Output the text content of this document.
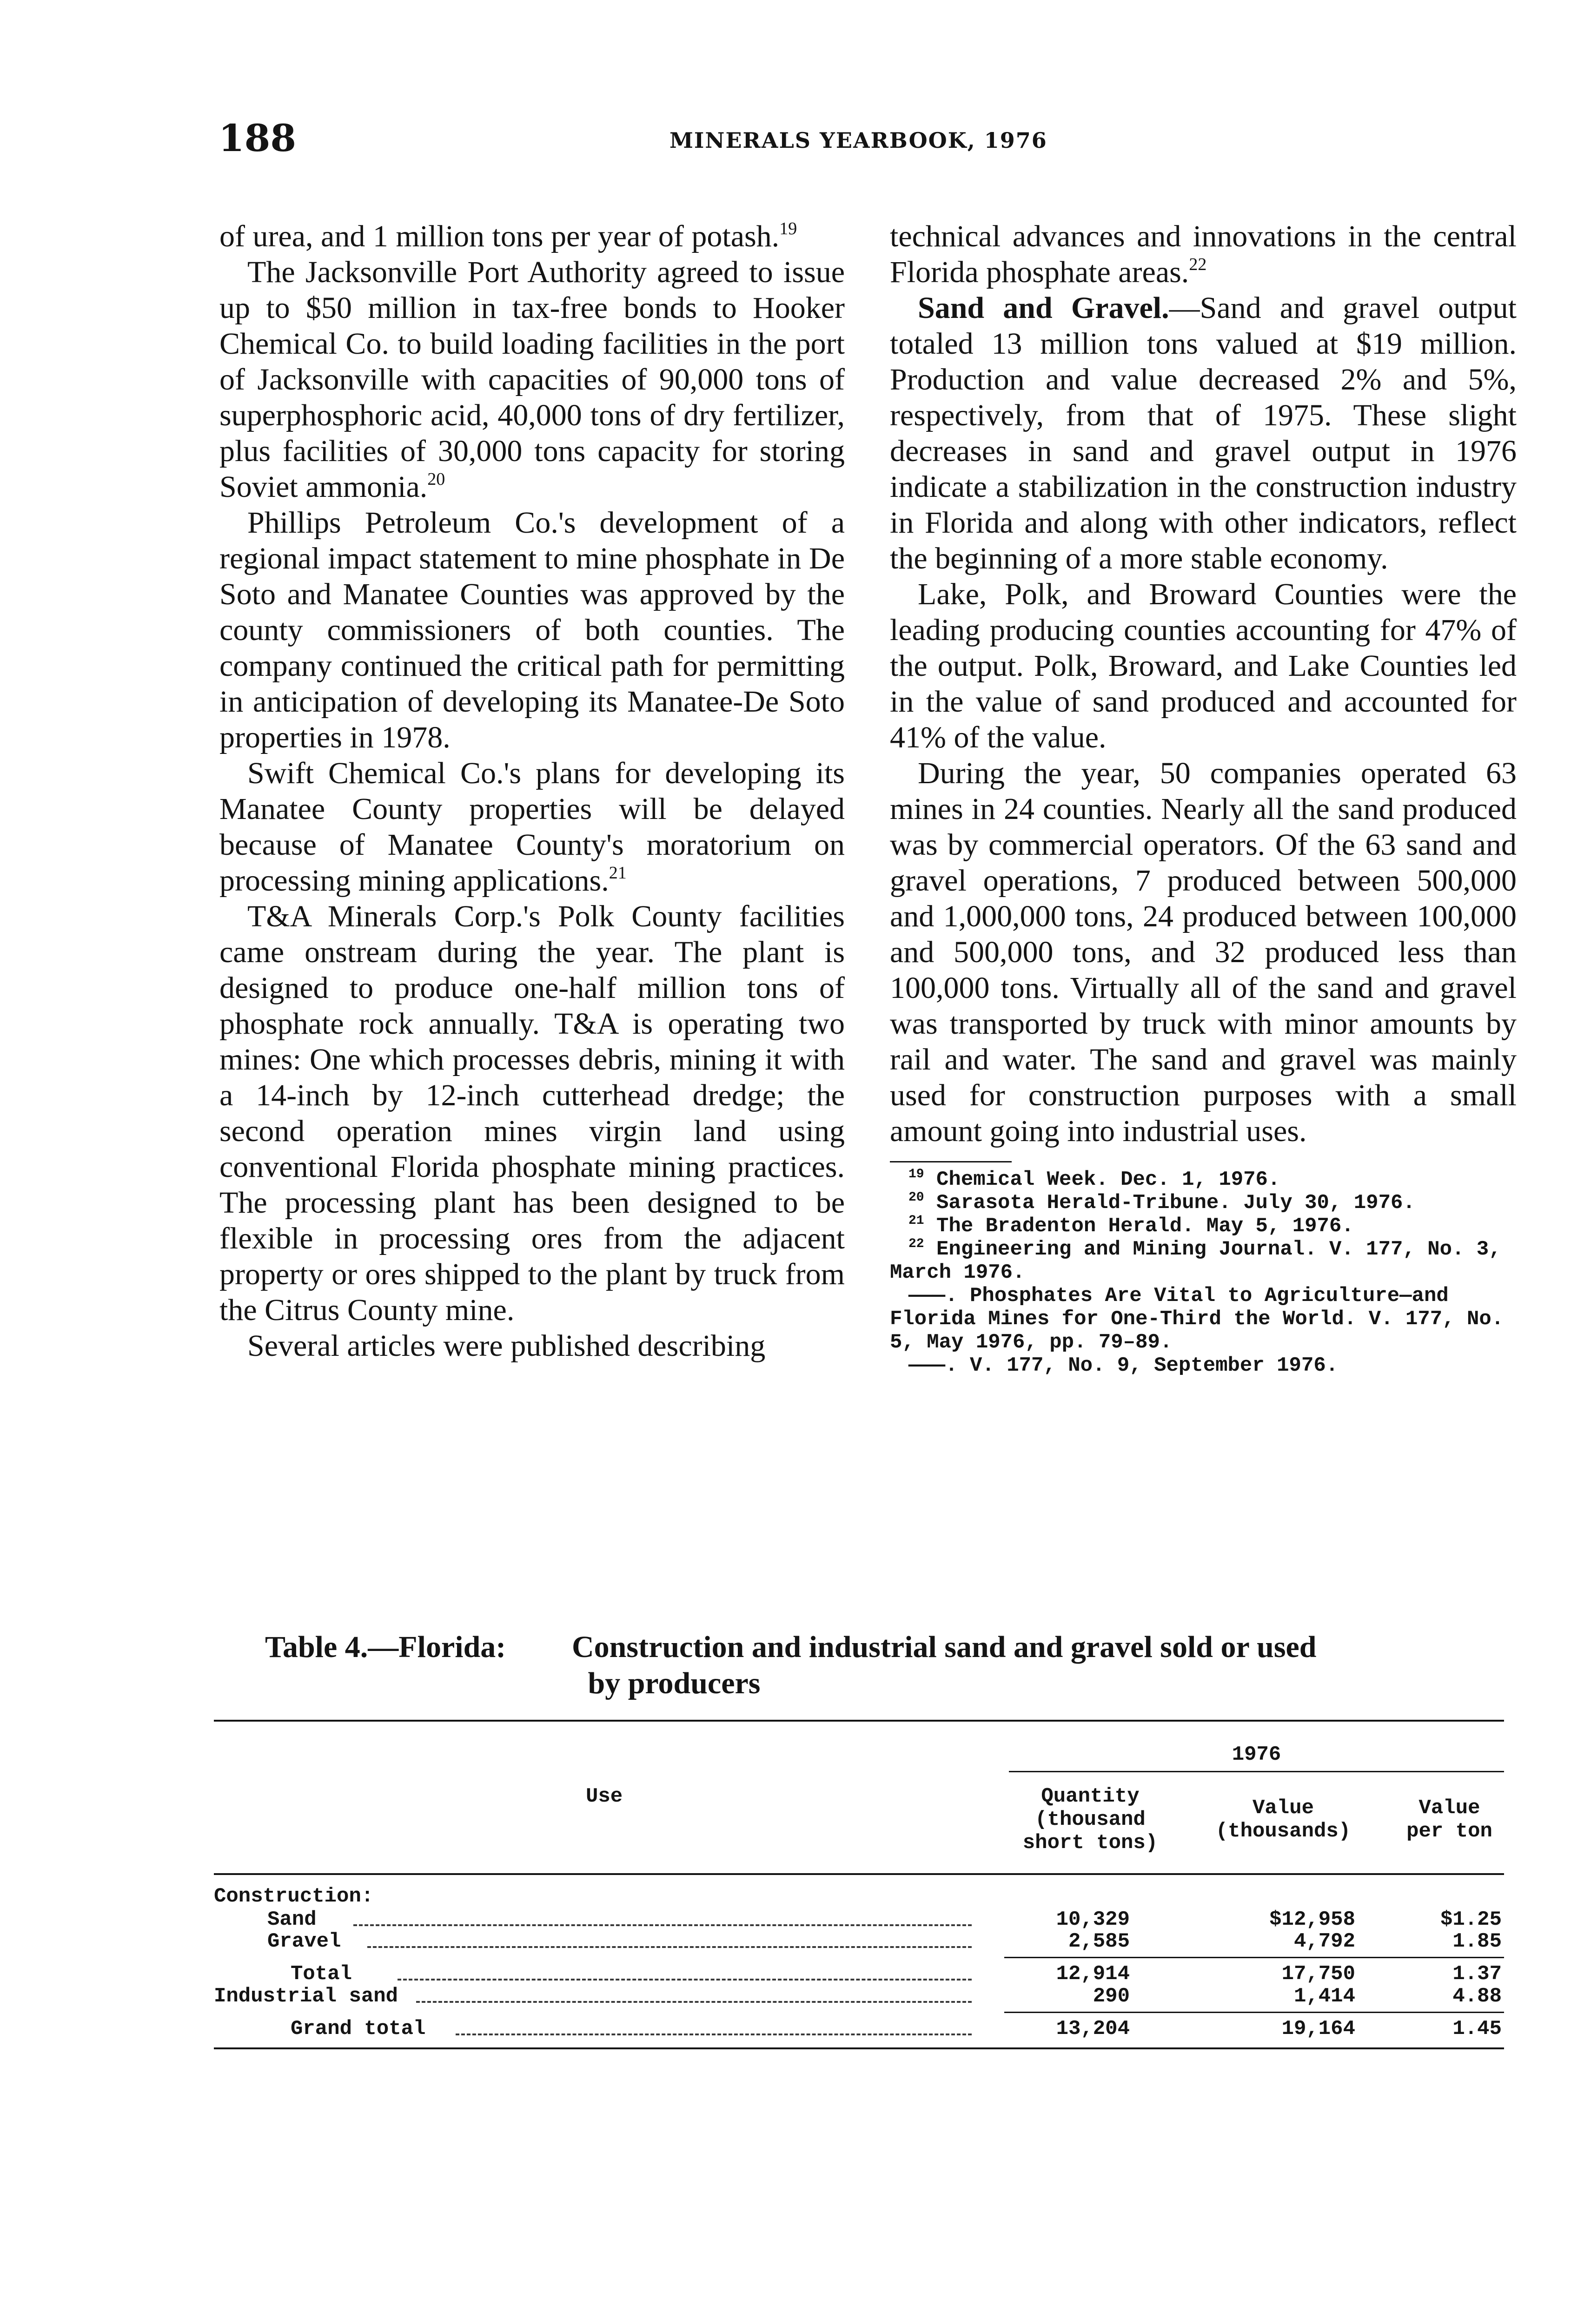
188	MINERALS YEARBOOK, 1976

of urea, and 1 million tons per year of potash.$^{19}$

The Jacksonville Port Authority agreed to issue up to $50 million in tax-free bonds to Hooker Chemical Co. to build loading facilities in the port of Jacksonville with capacities of 90,000 tons of superphosphoric acid, 40,000 tons of dry fertilizer, plus facilities of 30,000 tons capacity for storing Soviet ammonia.$^{20}$

Phillips Petroleum Co.'s development of a regional impact statement to mine phosphate in De Soto and Manatee Counties was approved by the county commissioners of both counties. The company continued the critical path for permitting in anticipation of developing its Manatee-De Soto properties in 1978.

Swift Chemical Co.'s plans for developing its Manatee County properties will be delayed because of Manatee County's moratorium on processing mining applications.$^{21}$

T&A Minerals Corp.'s Polk County facilities came onstream during the year. The plant is designed to produce one-half million tons of phosphate rock annually. T&A is operating two mines: One which processes debris, mining it with a 14-inch by 12-inch cutterhead dredge; the second operation mines virgin land using conventional Florida phosphate mining practices. The processing plant has been designed to be flexible in processing ores from the adjacent property or ores shipped to the plant by truck from the Citrus County mine.

Several articles were published describing

technical advances and innovations in the central Florida phosphate areas.$^{22}$

Sand and Gravel.—Sand and gravel output totaled 13 million tons valued at $19 million. Production and value decreased 2% and 5%, respectively, from that of 1975. These slight decreases in sand and gravel output in 1976 indicate a stabilization in the construction industry in Florida and along with other indicators, reflect the beginning of a more stable economy.

Lake, Polk, and Broward Counties were the leading producing counties accounting for 47% of the output. Polk, Broward, and Lake Counties led in the value of sand produced and accounted for 41% of the value.

During the year, 50 companies operated 63 mines in 24 counties. Nearly all the sand produced was by commercial operators. Of the 63 sand and gravel operations, 7 produced between 500,000 and 1,000,000 tons, 24 produced between 100,000 and 500,000 tons, and 32 produced less than 100,000 tons. Virtually all of the sand and gravel was transported by truck with minor amounts by rail and water. The sand and gravel was mainly used for construction purposes with a small amount going into industrial uses.

$^{19}$ Chemical Week. Dec. 1, 1976.

$^{20}$ Sarasota Herald-Tribune. July 30, 1976.

$^{21}$ The Bradenton Herald. May 5, 1976.

$^{22}$ Engineering and Mining Journal. V. 177, No. 3, March 1976.

———. Phosphates Are Vital to Agriculture—and Florida Mines for One-Third the World. V. 177, No. 5, May 1976, pp. 79–89.

———. V. 177, No. 9, September 1976.

Table 4.—Florida: Construction and industrial sand and gravel sold or used
by producers
1976
Use	Quantity
(thousand
short tons)
Value
(thousands)
Value
per ton
Construction:
Sand	10,329	$12,958	$1.25
Gravel	2,585	4,792	1.85
Total	12,914	17,750	1.37
Industrial sand	290	1,414	4.88
Grand total	13,204	19,164	1.45
